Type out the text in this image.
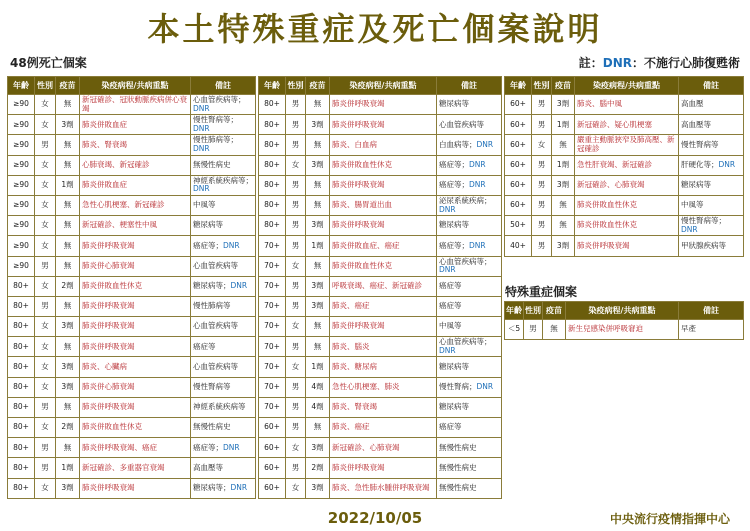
本土特殊重症及死亡個案說明
48例死亡個案	註：DNR：不施行心肺復甦術
年齡	性別	疫苗	染疫病程/共病重點	備註
≥90	女	無	新冠確診、冠狀動脈疾病併心衰竭	心血管疾病等；DNR
≥90	女	3劑	肺炎併敗血症	慢性腎病等；DNR
≥90	男	無	肺炎、腎衰竭	慢性肺病等；DNR
≥90	女	無	心肺衰竭、新冠確診	無慢性病史
≥90	女	1劑	肺炎併敗血症	神經系統疾病等；DNR
≥90	女	無	急性心肌梗塞、新冠確診	中風等
≥90	女	無	新冠確診、梗塞性中風	糖尿病等
≥90	女	無	肺炎併呼吸衰竭	癌症等；DNR
≥90	男	無	肺炎併心肺衰竭	心血管疾病等
80+	女	2劑	肺炎併敗血性休克	糖尿病等；DNR
80+	男	無	肺炎併呼吸衰竭	慢性肺病等
80+	女	3劑	肺炎併呼吸衰竭	心血管疾病等
80+	女	無	肺炎併呼吸衰竭	癌症等
80+	女	3劑	肺炎、心臟病	心血管疾病等
80+	女	3劑	肺炎併心肺衰竭	慢性腎病等
80+	男	無	肺炎併呼吸衰竭	神經系統疾病等
80+	女	2劑	肺炎併敗血性休克	無慢性病史
80+	男	無	肺炎併呼吸衰竭、癌症	癌症等；DNR
80+	男	1劑	新冠確診、多重器官衰竭	高血壓等
80+	女	3劑	肺炎併呼吸衰竭	糖尿病等；DNR
年齡	性別	疫苗	染疫病程/共病重點	備註
80+	男	無	肺炎併呼吸衰竭	糖尿病等
80+	男	3劑	肺炎併呼吸衰竭	心血管疾病等
80+	男	無	肺炎、白血病	白血病等；DNR
80+	女	3劑	肺炎併敗血性休克	癌症等；DNR
80+	男	無	肺炎併呼吸衰竭	癌症等；DNR
80+	男	無	肺炎、腸胃道出血	泌尿系統疾病；DNR
80+	男	3劑	肺炎併呼吸衰竭	糖尿病等
70+	男	1劑	肺炎併敗血症、癌症	癌症等；DNR
70+	女	無	肺炎併敗血性休克	心血管疾病等；DNR
70+	男	3劑	呼吸衰竭、癌症、新冠確診	癌症等
70+	男	3劑	肺炎、癌症	癌症等
70+	女	無	肺炎併呼吸衰竭	中風等
70+	男	無	肺炎、腦炎	心血管疾病等；DNR
70+	女	1劑	肺炎、糖尿病	糖尿病等
70+	男	4劑	急性心肌梗塞、肺炎	慢性腎病；DNR
70+	男	4劑	肺炎、腎衰竭	糖尿病等
60+	男	無	肺炎、癌症	癌症等
60+	女	3劑	新冠確診、心肺衰竭	無慢性病史
60+	男	2劑	肺炎併呼吸衰竭	無慢性病史
60+	女	3劑	肺炎、急性肺水腫併呼吸衰竭	無慢性病史
年齡	性別	疫苗	染疫病程/共病重點	備註
60+	男	3劑	肺炎、腦中風	高血壓
60+	男	1劑	新冠確診、疑心肌梗塞	高血壓等
60+	女	無	嚴重主動脈狹窄及肺高壓、新冠確診	慢性腎病等
60+	男	1劑	急性肝衰竭、新冠確診	肝硬化等；DNR
60+	男	3劑	新冠確診、心肺衰竭	糖尿病等
60+	男	無	肺炎併敗血性休克	中風等
50+	男	無	肺炎併敗血性休克	慢性腎病等；DNR
40+	男	3劑	肺炎併呼吸衰竭	甲狀腺疾病等
特殊重症個案
年齡	性別	疫苗	染疫病程/共病重點	備註
＜5	男	無	新生兒感染併呼吸窘迫	早產
2022/10/05	中央流行疫情指揮中心
